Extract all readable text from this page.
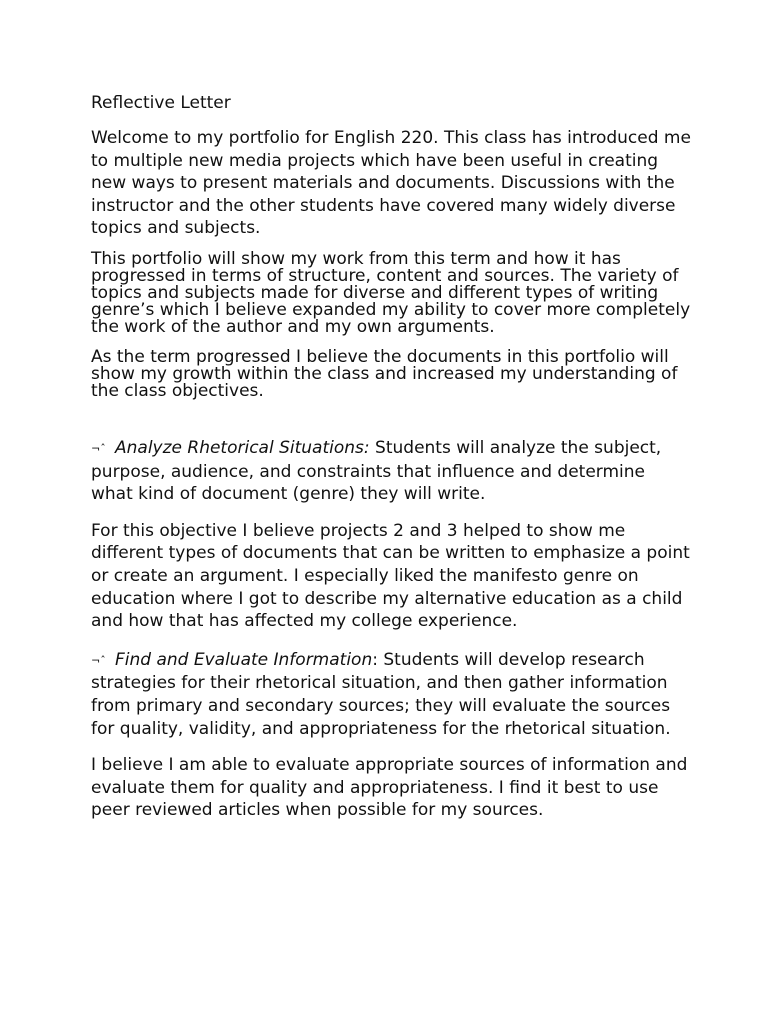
Reflective Letter

Welcome to my portfolio for English 220. This class has introduced me to multiple new media projects which have been useful in creating new ways to present materials and documents. Discussions with the instructor and the other students have covered many widely diverse topics and subjects.

This portfolio will show my work from this term and how it has progressed in terms of structure, content and sources. The variety of topics and subjects made for diverse and different types of writing genre’s which I believe expanded my ability to cover more completely the work of the author and my own arguments.

As the term progressed I believe the documents in this portfolio will show my growth within the class and increased my understanding of the class objectives.

¬ˆ Analyze Rhetorical Situations: Students will analyze the subject, purpose, audience, and constraints that influence and determine what kind of document (genre) they will write.

For this objective I believe projects 2 and 3 helped to show me different types of documents that can be written to emphasize a point or create an argument. I especially liked the manifesto genre on education where I got to describe my alternative education as a child and how that has affected my college experience.

¬ˆ Find and Evaluate Information: Students will develop research strategies for their rhetorical situation, and then gather information from primary and secondary sources; they will evaluate the sources for quality, validity, and appropriateness for the rhetorical situation.

I believe I am able to evaluate appropriate sources of information and evaluate them for quality and appropriateness. I find it best to use peer reviewed articles when possible for my sources.
